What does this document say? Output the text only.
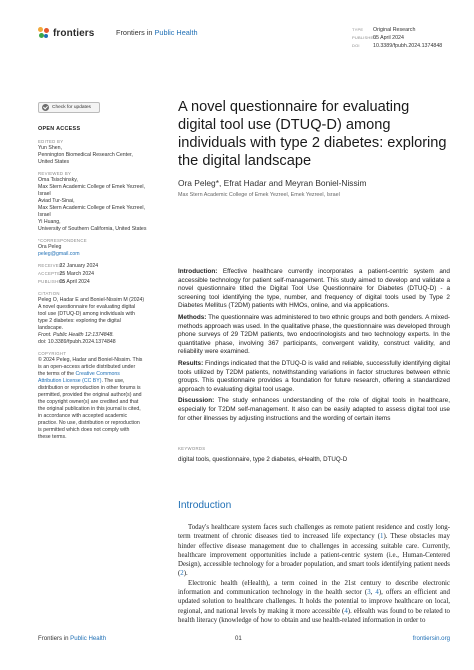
frontiers	Frontiers in Public Health	TYPE Original Research
PUBLISHED05 April 2024
DOI	10.3389/fpubh.2024.1374848
Check for updates
OPEN ACCESS
EDITED BY
Yun Shen,
Pennington Biomedical Research Center,
United States
REVIEWED BY
Oma Tsischinsky,
Max Stern Academic College of Emek Yezreel,
Israel
Aviad Tur-Sinai,
Max Stern Academic College of Emek Yezreel,
Israel
Yi Huang,
University of Southern California, United States
*CORRESPONDENCE
Ora Peleg
peleg@gmail.com
RECEIVED 22 January 2024
ACCEPTED 25 March 2024
PUBLISHED 05 April 2024
CITATION
Peleg O, Hadar E and Boniel-Nissim M (2024)
A novel questionnaire for evaluating digital
tool use (DTUQ-D) among individuals with
type 2 diabetes: exploring the digital
landscape.
Front. Public Health 12:1374848.
doi: 10.3389/fpubh.2024.1374848
COPYRIGHT
© 2024 Peleg, Hadar and Boniel-Nissim. This
is an open-access article distributed under
the terms of the Creative Commons
Attribution License (CC BY). The use,
distribution or reproduction in other forums is
permitted, provided the original author(s) and
the copyright owner(s) are credited and that
the original publication in this journal is cited,
in accordance with accepted academic
practice. No use, distribution or reproduction
is permitted which does not comply with
these terms.
A novel questionnaire for evaluating digital tool use (DTUQ-D) among individuals with type 2 diabetes: exploring the digital landscape
Ora Peleg*, Efrat Hadar and Meyran Boniel-Nissim
Max Stern Academic College of Emek Yezreel, Emek Yezreel, Israel

Introduction: Effective healthcare currently incorporates a patient-centric system and accessible technology for patient self-management. This study aimed to develop and validate a novel questionnaire titled the Digital Tool Use Questionnaire for Diabetes (DTUQ-D) - a screening tool identifying the type, number, and frequency of digital tools used by Type 2 Diabetes Mellitus (T2DM) patients with HMOs, online, and via applications.

Methods: The questionnaire was administered to two ethnic groups and both genders. A mixed-methods approach was used. In the qualitative phase, the questionnaire was developed through phone surveys of 29 T2DM patients, two endocrinologists and two technology experts. In the quantitative phase, involving 367 participants, convergent validity, construct validity, and reliability were examined.

Results: Findings indicated that the DTUQ-D is valid and reliable, successfully identifying digital tools utilized by T2DM patients, notwithstanding variations in factor structures between ethnic groups. This questionnaire provides a foundation for future research, offering a standardized approach to evaluating digital tool usage.

Discussion: The study enhances understanding of the role of digital tools in healthcare, especially for T2DM self-management. It also can be easily adapted to assess digital tool use for other illnesses by adjusting instructions and the wording of certain items

KEYWORDS
digital tools, questionnaire, type 2 diabetes, eHealth, DTUQ-D
Introduction

Today's healthcare system faces such challenges as remote patient residence and costly long-term treatment of chronic diseases tied to increased life expectancy (1). These obstacles may hinder effective disease management due to challenges in accessing suitable care. Currently, healthcare improvement opportunities include a patient-centric system (i.e., Human-Centered Design), accessible technology for a broader population, and smart tools identifying patient needs (2).

Electronic health (eHealth), a term coined in the 21st century to describe electronic information and communication technology in the health sector (3, 4), offers an efficient and updated solution to healthcare challenges. It holds the potential to improve healthcare on local, regional, and national levels by making it more accessible (4). eHealth was found to be related to health literacy (knowledge of how to obtain and use health-related information in order to

Frontiers in Public Health	01	frontiersin.org
